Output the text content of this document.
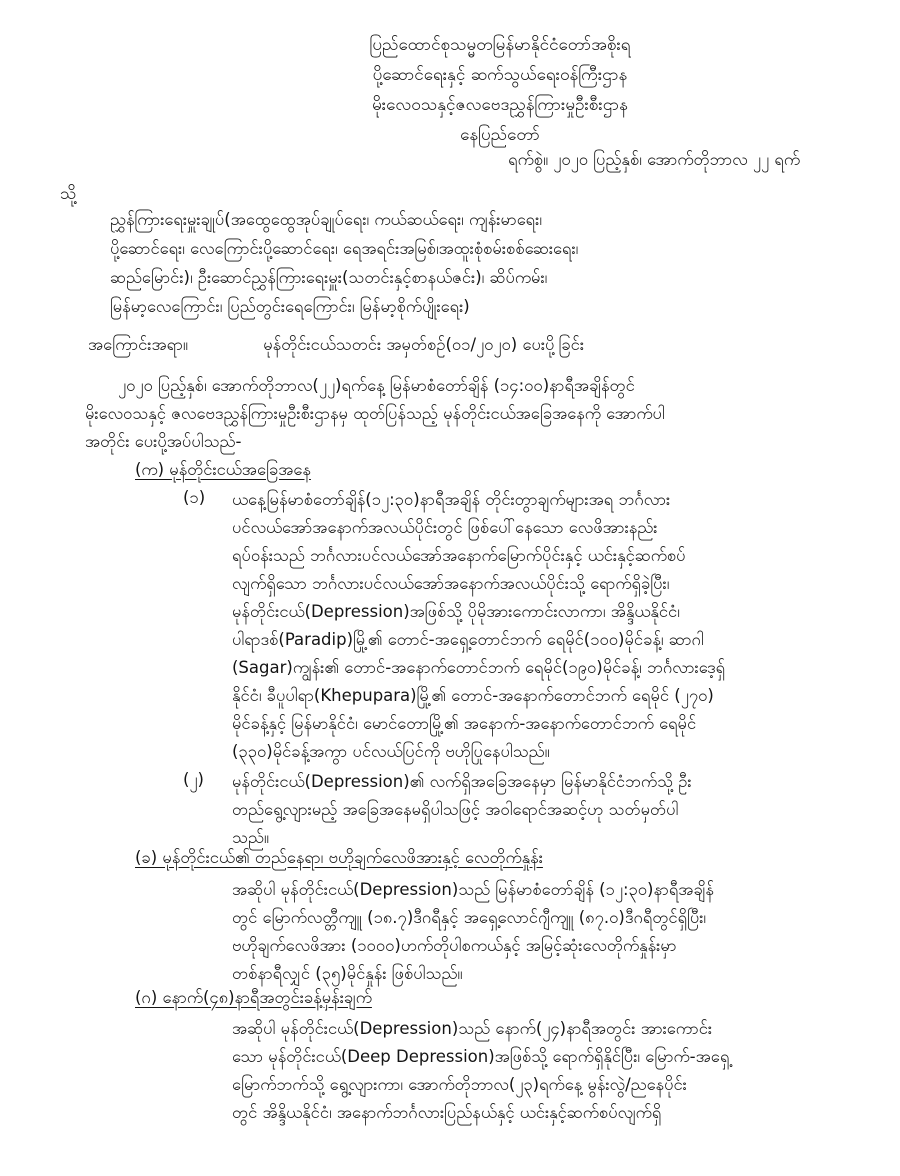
ပြည်ထောင်စုသမ္မတမြန်မာနိုင်ငံတော်အစိုးရ
ပို့ဆောင်ရေးနှင့် ဆက်သွယ်ရေးဝန်ကြီးဌာန
မိုးလေဝသနှင့်ဇလဗေဒညွှန်ကြားမှုဦးစီးဌာန
နေပြည်တော်
ရက်စွဲ။ ၂၀၂၀ ပြည့်နှစ်၊ အောက်တိုဘာလ ၂၂ ရက်
သို့
ညွှန်ကြားရေးမှူးချုပ်(အထွေထွေအုပ်ချုပ်ရေး၊ ကယ်ဆယ်ရေး၊ ကျန်းမာရေး၊
ပို့ဆောင်ရေး၊ လေကြောင်းပို့ဆောင်ရေး၊ ရေအရင်းအမြစ်၊အထူးစုံစမ်းစစ်ဆေးရေး၊
ဆည်မြောင်း)၊ ဦးဆောင်ညွှန်ကြားရေးမှူး(သတင်းနှင့်စာနယ်ဇင်း)၊ ဆိပ်ကမ်း၊
မြန်မာ့လေကြောင်း၊ ပြည်တွင်းရေကြောင်း၊ မြန်မာ့စိုက်ပျိုးရေး)
အကြောင်းအရာ။	မုန်တိုင်းငယ်သတင်း အမှတ်စဉ်(၀၁/၂၀၂၀) ပေးပို့ခြင်း
၂၀၂၀ ပြည့်နှစ်၊ အောက်တိုဘာလ(၂၂)ရက်နေ့ မြန်မာစံတော်ချိန် (၁၄:၀၀)နာရီအချိန်တွင်
မိုးလေဝသနှင့် ဇလဗေဒညွှန်ကြားမှုဦးစီးဌာနမှ ထုတ်ပြန်သည့် မုန်တိုင်းငယ်အခြေအနေကို အောက်ပါ
အတိုင်း ပေးပို့အပ်ပါသည်-
(က) မုန်တိုင်းငယ်အခြေအနေ
(၁) ယနေ့မြန်မာစံတော်ချိန်(၁၂:၃၀)နာရီအချိန် တိုင်းတွာချက်များအရ ဘင်္ဂလား
ပင်လယ်အော်အနောက်အလယ်ပိုင်းတွင် ဖြစ်ပေါ်နေသော လေဖိအားနည်း
ရပ်ဝန်းသည် ဘင်္ဂလားပင်လယ်အော်အနောက်မြောက်ပိုင်းနှင့် ယင်းနှင့်ဆက်စပ်
လျက်ရှိသော ဘင်္ဂလားပင်လယ်အော်အနောက်အလယ်ပိုင်းသို့ ရောက်ရှိခဲ့ပြီး၊
မုန်တိုင်းငယ်(Depression)အဖြစ်သို့ ပိုမိုအားကောင်းလာကာ၊ အိန္ဒိယနိုင်ငံ၊
ပါရာဒစ်(Paradip)မြို့၏ တောင်-အရှေ့တောင်ဘက် ရေမိုင်(၁၀၀)မိုင်ခန့်၊ ဆာဂါ
(Sagar)ကျွန်း၏ တောင်-အနောက်တောင်ဘက် ရေမိုင်(၁၉၀)မိုင်ခန့်၊ ဘင်္ဂလားဒေ့ရှ်
နိုင်ငံ၊ ခီပူပါရာ(Khepupara)မြို့၏ တောင်-အနောက်တောင်ဘက် ရေမိုင် (၂၇၀)
မိုင်ခန့်နှင့် မြန်မာနိုင်ငံ၊ မောင်တောမြို့၏ အနောက်-အနောက်တောင်ဘက် ရေမိုင်
(၃၃၀)မိုင်ခန့်အကွာ ပင်လယ်ပြင်ကို ဗဟိုပြုနေပါသည်။
(၂) မုန်တိုင်းငယ်(Depression)၏ လက်ရှိအခြေအနေမှာ မြန်မာနိုင်ငံဘက်သို့ ဦး
တည်ရွေ့လျားမည့် အခြေအနေမရှိပါသဖြင့် အဝါရောင်အဆင့်ဟု သတ်မှတ်ပါ
သည်။
(ခ) မုန်တိုင်းငယ်၏ တည်နေရာ၊ ဗဟိုချက်လေဖိအားနှင့် လေတိုက်နှုန်း
အဆိုပါ မုန်တိုင်းငယ်(Depression)သည် မြန်မာစံတော်ချိန် (၁၂:၃၀)နာရီအချိန်
တွင် မြောက်လတ္တီကျူ (၁၈.၇)ဒီဂရီနှင့် အရှေ့လောင်ဂျီကျူ (၈၇.၀)ဒီဂရီတွင်ရှိပြီး၊
ဗဟိုချက်လေဖိအား (၁၀၀၀)ဟက်တိုပါစကယ်နှင့် အမြင့်ဆုံးလေတိုက်နှုန်းမှာ
တစ်နာရီလျှင် (၃၅)မိုင်နှုန်း ဖြစ်ပါသည်။
(ဂ) နောက်(၄၈)နာရီအတွင်းခန့်မှန်းချက်
အဆိုပါ မုန်တိုင်းငယ်(Depression)သည် နောက်(၂၄)နာရီအတွင်း အားကောင်း
သော မုန်တိုင်းငယ်(Deep Depression)အဖြစ်သို့ ရောက်ရှိနိုင်ပြီး၊ မြောက်-အရှေ့
မြောက်ဘက်သို့ ရွေ့လျားကာ၊ အောက်တိုဘာလ(၂၃)ရက်နေ့ မွန်းလွဲ/ညနေပိုင်း
တွင် အိန္ဒိယနိုင်ငံ၊ အနောက်ဘင်္ဂလားပြည်နယ်နှင့် ယင်းနှင့်ဆက်စပ်လျက်ရှိ
